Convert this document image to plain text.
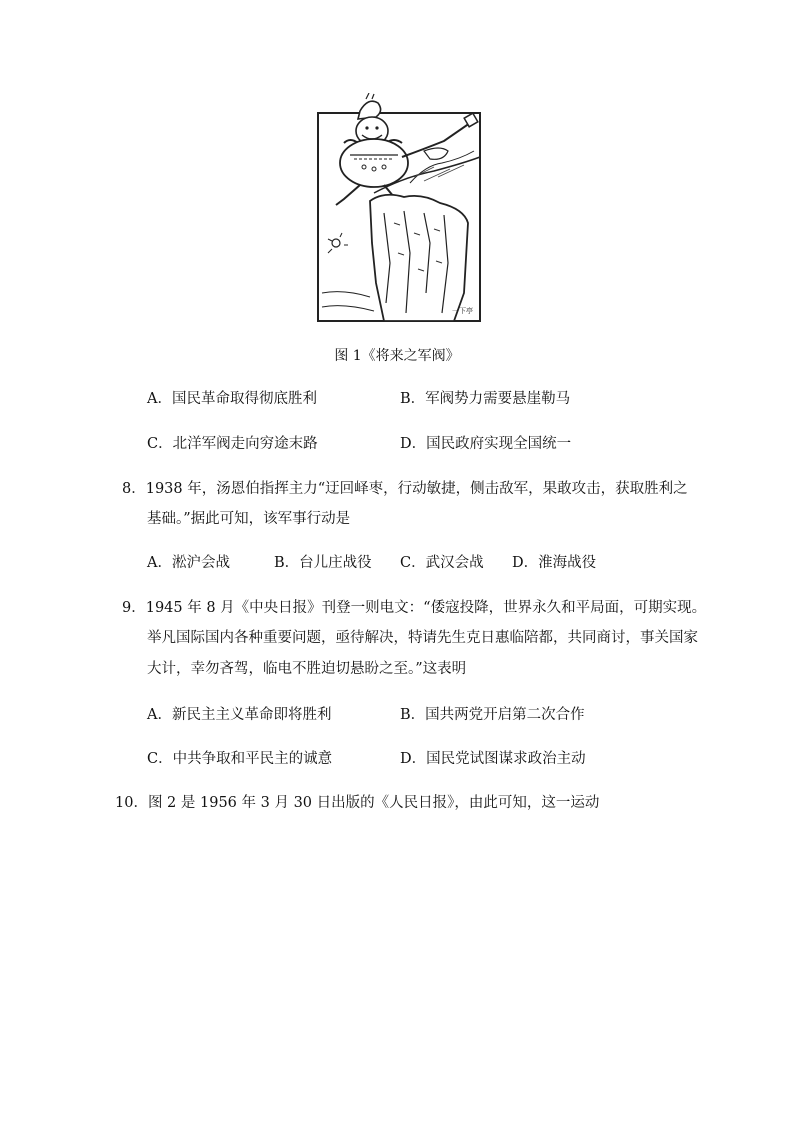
一下亭
图 1《将来之军阀》
A．国民革命取得彻底胜利	B．军阀势力需要悬崖勒马
C．北洋军阀走向穷途末路	D．国民政府实现全国统一
8．1938 年，汤恩伯指挥主力“迂回峄枣，行动敏捷，侧击敌军，果敢攻击，获取胜利之
基础。”据此可知，该军事行动是
A．淞沪会战	B．台儿庄战役 C．武汉会战 D．淮海战役
9．1945 年 8 月《中央日报》刊登一则电文：“倭寇投降，世界永久和平局面，可期实现。
举凡国际国内各种重要问题，亟待解决，特请先生克日惠临陪都，共同商讨，事关国家
大计，幸勿吝驾，临电不胜迫切悬盼之至。”这表明
A．新民主主义革命即将胜利	B．国共两党开启第二次合作
C．中共争取和平民主的诚意	D．国民党试图谋求政治主动
10．图 2 是 1956 年 3 月 30 日出版的《人民日报》，由此可知，这一运动
